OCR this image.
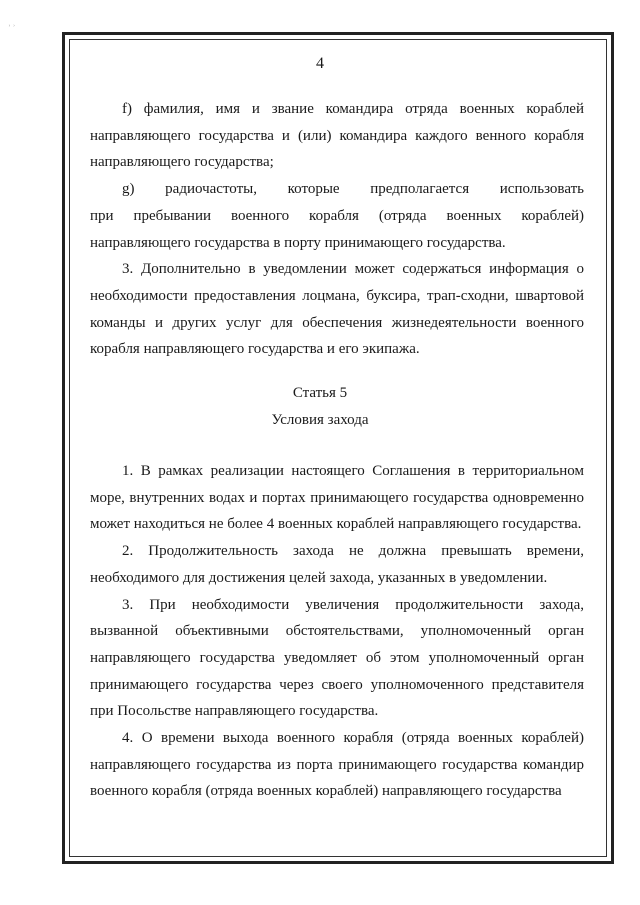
ʾ ʾ
4

f) фамилия, имя и звание командира отряда военных кораблей направляющего государства и (или) командира каждого венного корабля направляющего государства;

g) радиочастоты, которые предполагается использовать

при пребывании военного корабля (отряда военных кораблей)

направляющего государства в порту принимающего государства.

3. Дополнительно в уведомлении может содержаться информация о необходимости предоставления лоцмана, буксира, трап-сходни, швартовой команды и других услуг для обеспечения жизнедеятельности военного корабля направляющего государства и его экипажа.

Статья 5
Условия захода

1. В рамках реализации настоящего Соглашения в территориальном море, внутренних водах и портах принимающего государства одновременно может находиться не более 4 военных кораблей направляющего государства.

2. Продолжительность захода не должна превышать времени, необходимого для достижения целей захода, указанных в уведомлении.

3. При необходимости увеличения продолжительности захода, вызванной объективными обстоятельствами, уполномоченный орган направляющего государства уведомляет об этом уполномоченный орган принимающего государства через своего уполномоченного представителя при Посольстве направляющего государства.

4. О времени выхода военного корабля (отряда военных кораблей) направляющего государства из порта принимающего государства командир военного корабля (отряда военных кораблей) направляющего государства
